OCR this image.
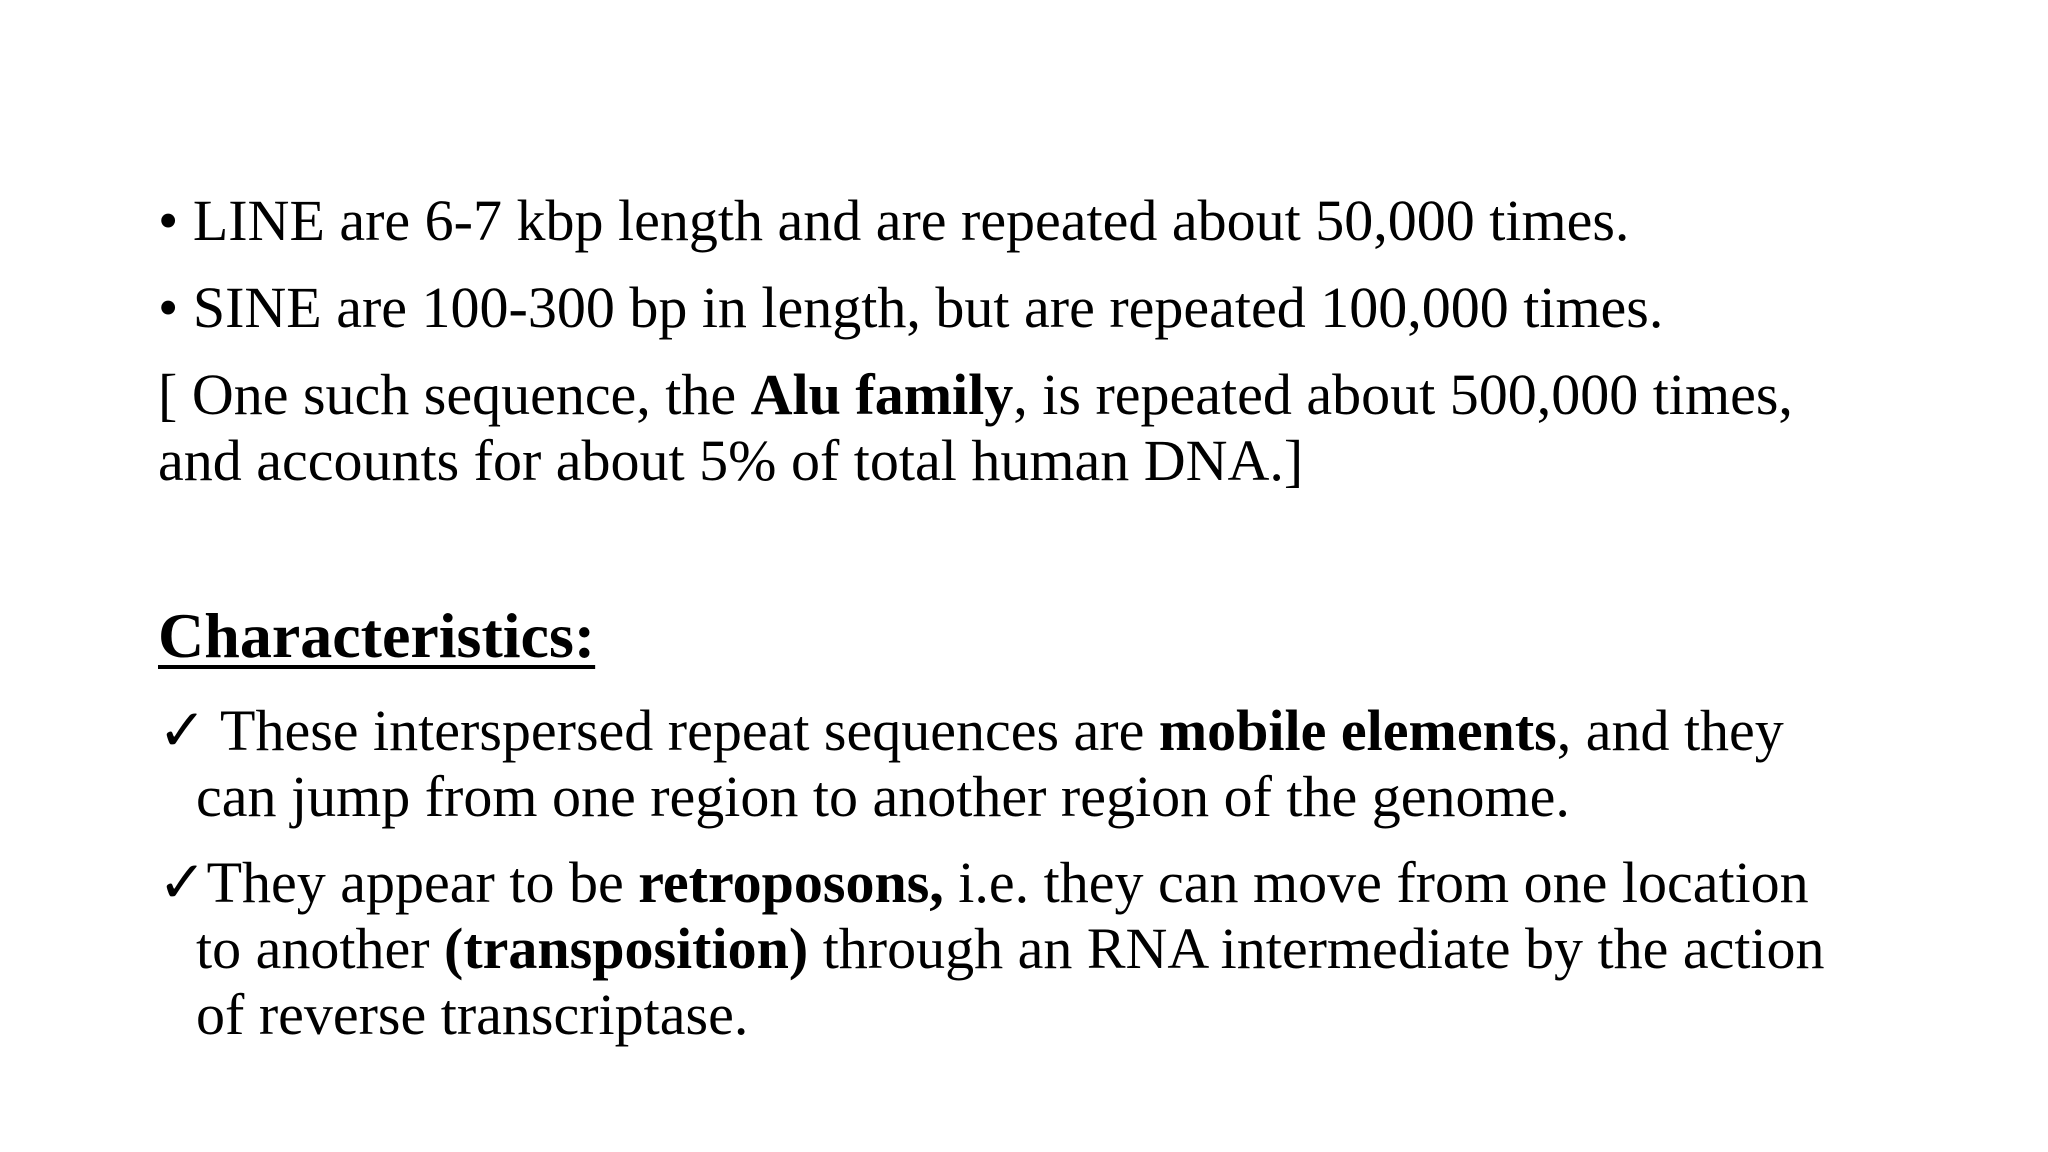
• LINE are 6-7 kbp length and are repeated about 50,000 times.
• SINE are 100-300 bp in length, but are repeated 100,000 times.
[ One such sequence, the Alu family, is repeated about 500,000 times,
and accounts for about 5% of total human DNA.]
Characteristics:
✓ These interspersed repeat sequences are mobile elements, and they
can jump from one region to another region of the genome.
✓They appear to be retroposons, i.e. they can move from one location
to another (transposition) through an RNA intermediate by the action
of reverse transcriptase.
